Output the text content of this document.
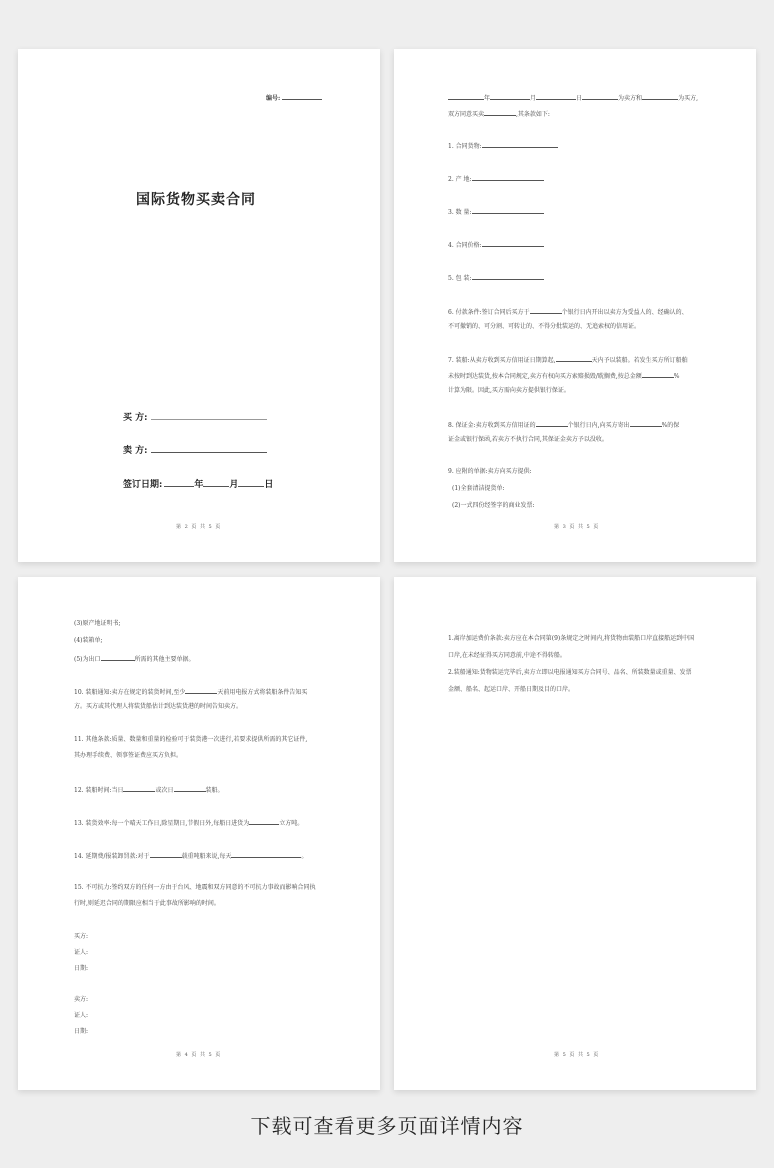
编号:
国际货物买卖合同
买 方:
卖 方:
签订日期:	年	月	日
第 2 页 共 5 页
年	月	日	为卖方和	为买方,
双方同意买卖	,其条款如下:
1. 合同货物:
2. 产 地:
3. 数 量:
4. 合同价格:
5. 包 装:
6. 付款条件:签订合同后买方于	个银行日内开出以卖方为受益人的、经确认的、
不可撤销的、可分割、可转让的、不得分批装运的、无追索权的信用证。
7. 装船:从卖方收到买方信用证日期算起,	天内予以装船。若发生买方所订船舶
未按时到达装货,按本合同规定,卖方有权向买方索赔损毁/耽搁费,按总金额	%
计算为限。因此,买方需向卖方提供银行保证。
8. 保证金:卖方收到买方信用证的	个银行日内,向买方寄出	%的保
证金或银行保函,若卖方不执行合同,其保证金卖方予以没收。
9. 应附的单据:卖方向买方提供:
(1)全套清洁提货单:
(2)一式四份经签字的商业发票:
第 3 页 共 5 页
(3)原产地证明书;
(4)装箱单;
(5)为出口	所需的其他主要单据。
10. 装船通知:卖方在规定的装货时间,至少	天前用电报方式将装船条件告知买
方。买方或其代理人将装货船估计到达装货港的时间告知卖方。
11. 其他条款:质量、数量和重量的检验可于装货港一次进行,若要求提供所需的其它证件,
其办理手续费、领事签证费应买方负担。
12. 装船时间:当日	或次日	装船。
13. 装货效率:每一个晴天工作日,除星期日,节假日外,每船日进货为	立方吨。
14. 延期费/报装卸罚款:对于	载重吨船来说,每天	。
15. 不可抗力:签约双方的任何一方由于台风、地震和双方同意的不可抗力事故而影响合同执
行时,则延迟合同的期限应相当于此事故所影响的时间。
买方:
证人:
日期:
卖方:
证人:
日期:
第 4 页 共 5 页
1.离岸加运费价条款:卖方应在本合同第(9)条规定之时间内,将货物由装船口岸直接船运到中国
口岸,在未经征得买方同意前,中途不得转船。
2.装船通知:货物装运完毕后,卖方立即以电报通知买方合同号、品名、所装数量或重量、发票
金额、船名、起运口岸、开船日期及目的口岸。
第 5 页 共 5 页
下载可查看更多页面详情内容
